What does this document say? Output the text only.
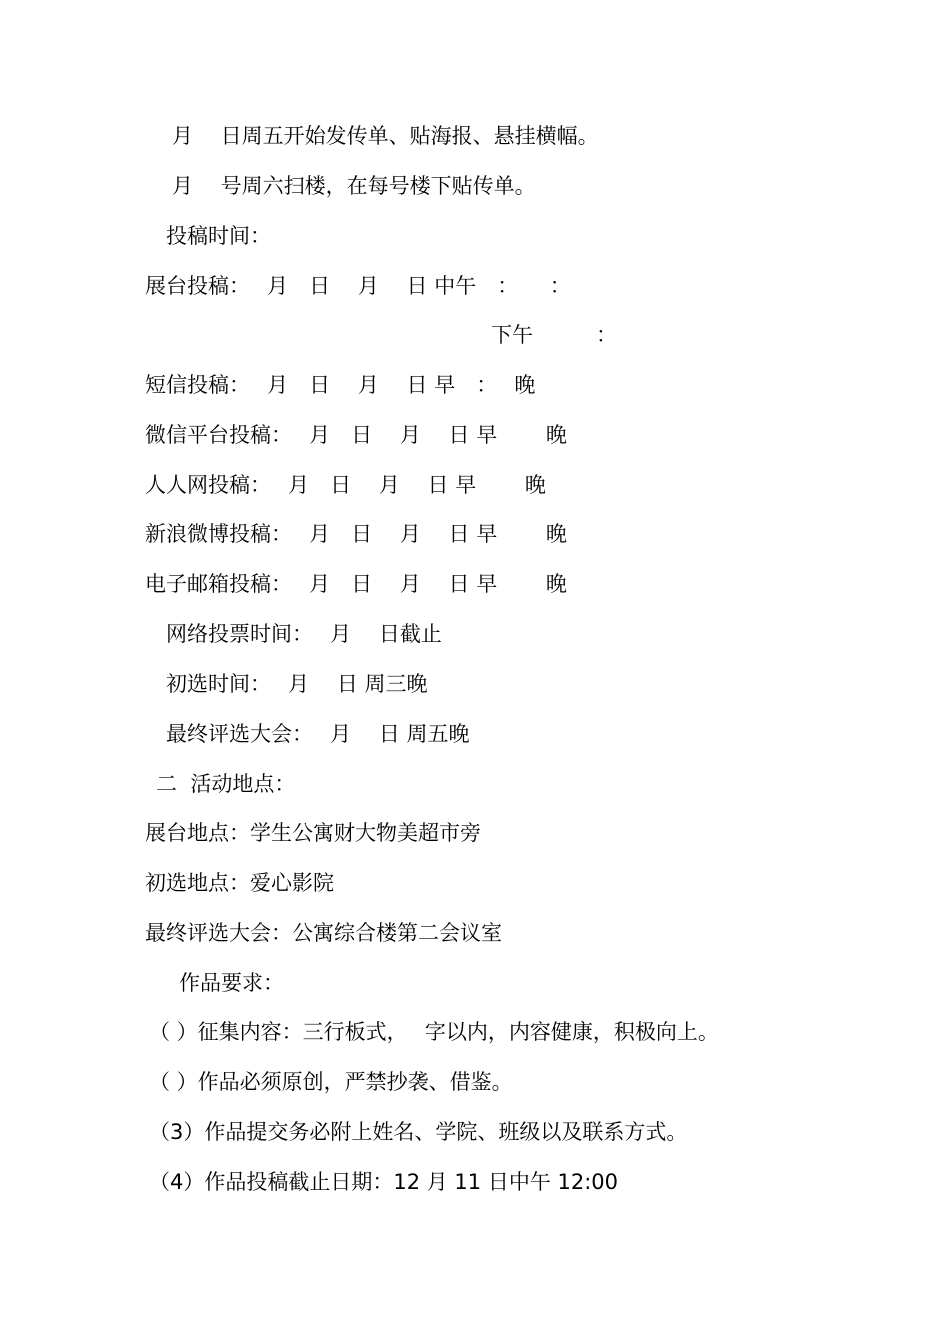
月　 日周五开始发传单、贴海报、悬挂横幅。

月　 号周六扫楼，在每号楼下贴传单。

投稿时间：

展台投稿：　 月　日　 月　 日 中午　：　　：

下午　　　：

短信投稿：　 月　日　 月　 日 早　：　 晚

微信平台投稿：　 月　日　 月　 日 早　　 晚

人人网投稿：　 月　日　 月　 日 早　　 晚

新浪微博投稿：　 月　日　 月　 日 早　　 晚

电子邮箱投稿：　 月　日　 月　 日 早　　 晚

网络投票时间：　 月　 日截止

初选时间：　 月　 日 周三晚

最终评选大会：　 月　 日 周五晚

二  活动地点：

展台地点：学生公寓财大物美超市旁

初选地点：爱心影院

最终评选大会：公寓综合楼第二会议室

作品要求：

（ ）征集内容：三行板式，　 字以内，内容健康，积极向上。

（ ）作品必须原创，严禁抄袭、借鉴。

（3）作品提交务必附上姓名、学院、班级以及联系方式。

（4）作品投稿截止日期：12 月 11 日中午 12:00
